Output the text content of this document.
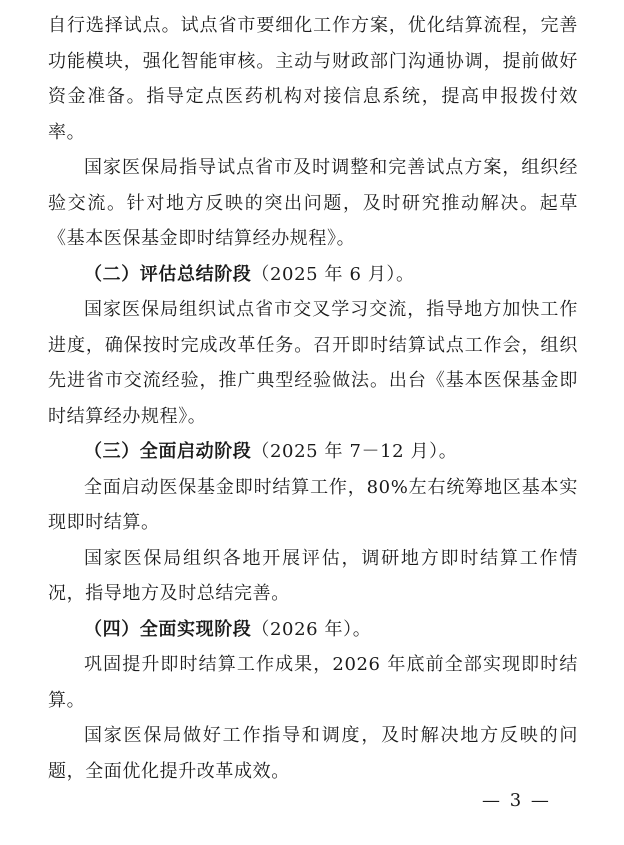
自行选择试点。试点省市要细化工作方案，优化结算流程，完善功能模块，强化智能审核。主动与财政部门沟通协调，提前做好资金准备。指导定点医药机构对接信息系统，提高申报拨付效率。

国家医保局指导试点省市及时调整和完善试点方案，组织经验交流。针对地方反映的突出问题，及时研究推动解决。起草《基本医保基金即时结算经办规程》。

（二）评估总结阶段（2025 年 6 月）。

国家医保局组织试点省市交叉学习交流，指导地方加快工作进度，确保按时完成改革任务。召开即时结算试点工作会，组织先进省市交流经验，推广典型经验做法。出台《基本医保基金即时结算经办规程》。

（三）全面启动阶段（2025 年 7－12 月）。

全面启动医保基金即时结算工作，80%左右统筹地区基本实现即时结算。

国家医保局组织各地开展评估，调研地方即时结算工作情况，指导地方及时总结完善。

（四）全面实现阶段（2026 年）。

巩固提升即时结算工作成果，2026 年底前全部实现即时结算。

国家医保局做好工作指导和调度，及时解决地方反映的问题，全面优化提升改革成效。

— 3 —
